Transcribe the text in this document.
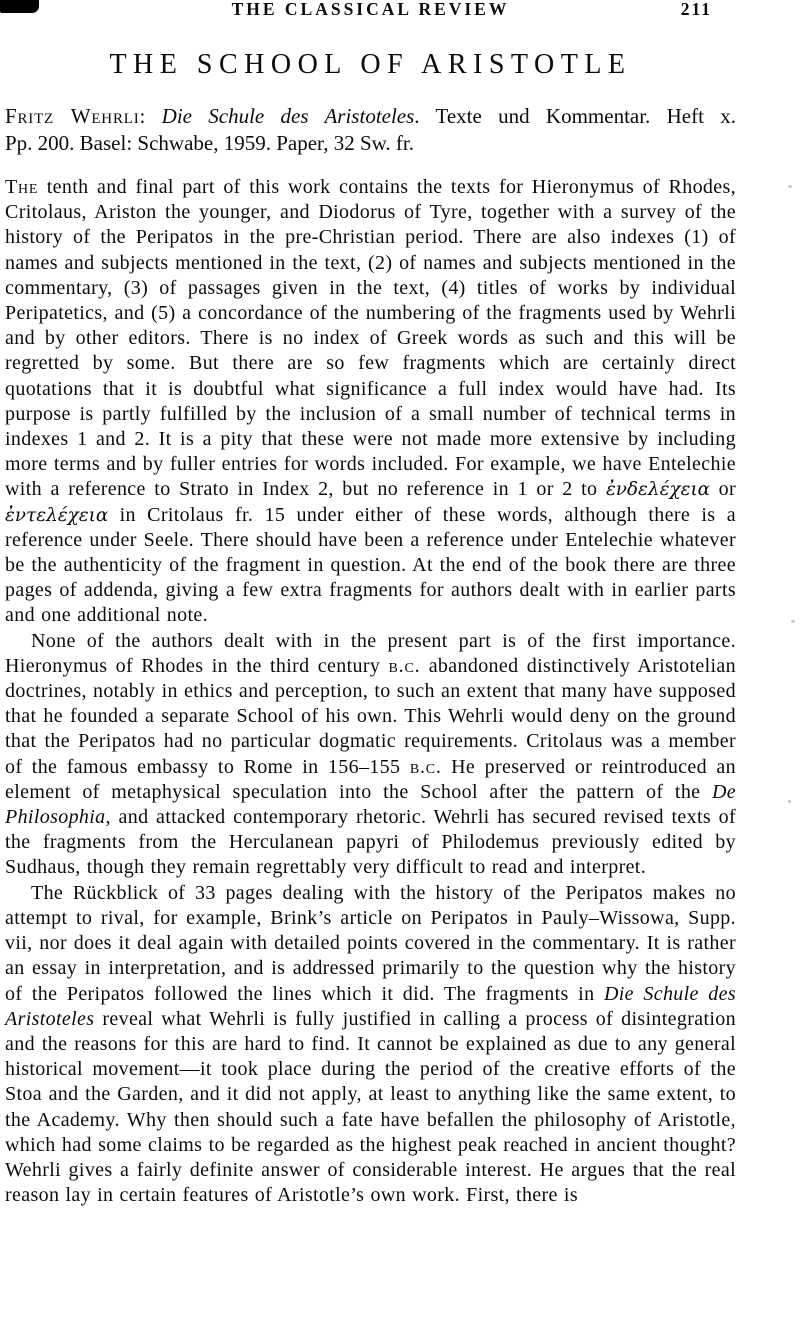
THE CLASSICAL REVIEW	211
THE SCHOOL OF ARISTOTLE
Fritz Wehrli: Die Schule des Aristoteles. Texte und Kommentar. Heft x.
Pp. 200. Basel: Schwabe, 1959. Paper, 32 Sw. fr.

The tenth and final part of this work contains the texts for Hieronymus of Rhodes, Critolaus, Ariston the younger, and Diodorus of Tyre, together with a survey of the history of the Peripatos in the pre-Christian period. There are also indexes (1) of names and subjects mentioned in the text, (2) of names and subjects mentioned in the commentary, (3) of passages given in the text, (4) titles of works by individual Peripatetics, and (5) a concordance of the numbering of the fragments used by Wehrli and by other editors. There is no index of Greek words as such and this will be regretted by some. But there are so few fragments which are certainly direct quotations that it is doubtful what significance a full index would have had. Its purpose is partly fulfilled by the inclusion of a small number of technical terms in indexes 1 and 2. It is a pity that these were not made more extensive by including more terms and by fuller entries for words included. For example, we have Entelechie with a reference to Strato in Index 2, but no reference in 1 or 2 to ἐνδελέχεια or ἐντελέχεια in Critolaus fr. 15 under either of these words, although there is a reference under Seele. There should have been a reference under Entelechie whatever be the authenticity of the fragment in question. At the end of the book there are three pages of addenda, giving a few extra fragments for authors dealt with in earlier parts and one additional note.

None of the authors dealt with in the present part is of the first importance. Hieronymus of Rhodes in the third century b.c. abandoned distinctively Aristotelian doctrines, notably in ethics and perception, to such an extent that many have supposed that he founded a separate School of his own. This Wehrli would deny on the ground that the Peripatos had no particular dogmatic requirements. Critolaus was a member of the famous embassy to Rome in 156–155 b.c. He preserved or reintroduced an element of metaphysical speculation into the School after the pattern of the De Philosophia, and attacked contemporary rhetoric. Wehrli has secured revised texts of the fragments from the Herculanean papyri of Philodemus previously edited by Sudhaus, though they remain regrettably very difficult to read and interpret.

The Rückblick of 33 pages dealing with the history of the Peripatos makes no attempt to rival, for example, Brink’s article on Peripatos in Pauly–Wissowa, Supp. vii, nor does it deal again with detailed points covered in the commentary. It is rather an essay in interpretation, and is addressed primarily to the question why the history of the Peripatos followed the lines which it did. The fragments in Die Schule des Aristoteles reveal what Wehrli is fully justified in calling a process of disintegration and the reasons for this are hard to find. It cannot be explained as due to any general historical movement—it took place during the period of the creative efforts of the Stoa and the Garden, and it did not apply, at least to anything like the same extent, to the Academy. Why then should such a fate have befallen the philosophy of Aristotle, which had some claims to be regarded as the highest peak reached in ancient thought? Wehrli gives a fairly definite answer of considerable interest. He argues that the real reason lay in certain features of Aristotle’s own work. First, there is
